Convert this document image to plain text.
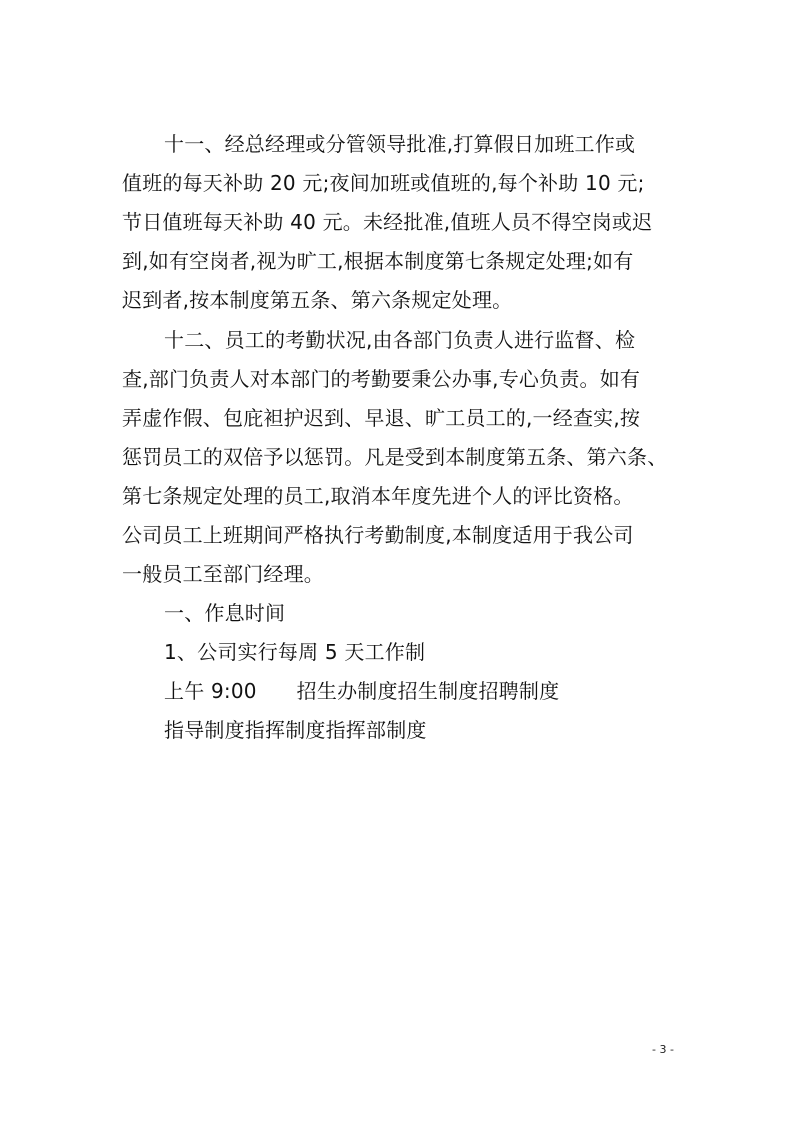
十一、经总经理或分管领导批准,打算假日加班工作或
值班的每天补助 20 元;夜间加班或值班的,每个补助 10 元;
节日值班每天补助 40 元。未经批准,值班人员不得空岗或迟
到,如有空岗者,视为旷工,根据本制度第七条规定处理;如有
迟到者,按本制度第五条、第六条规定处理。
十二、员工的考勤状况,由各部门负责人进行监督、检
查,部门负责人对本部门的考勤要秉公办事,专心负责。如有
弄虚作假、包庇袒护迟到、早退、旷工员工的,一经查实,按
惩罚员工的双倍予以惩罚。凡是受到本制度第五条、第六条、
第七条规定处理的员工,取消本年度先进个人的评比资格。
公司员工上班期间严格执行考勤制度,本制度适用于我公司
一般员工至部门经理。
一、作息时间
1、公司实行每周 5 天工作制
上午 9:00 招生办制度招生制度招聘制度
指导制度指挥制度指挥部制度
- 3 -
